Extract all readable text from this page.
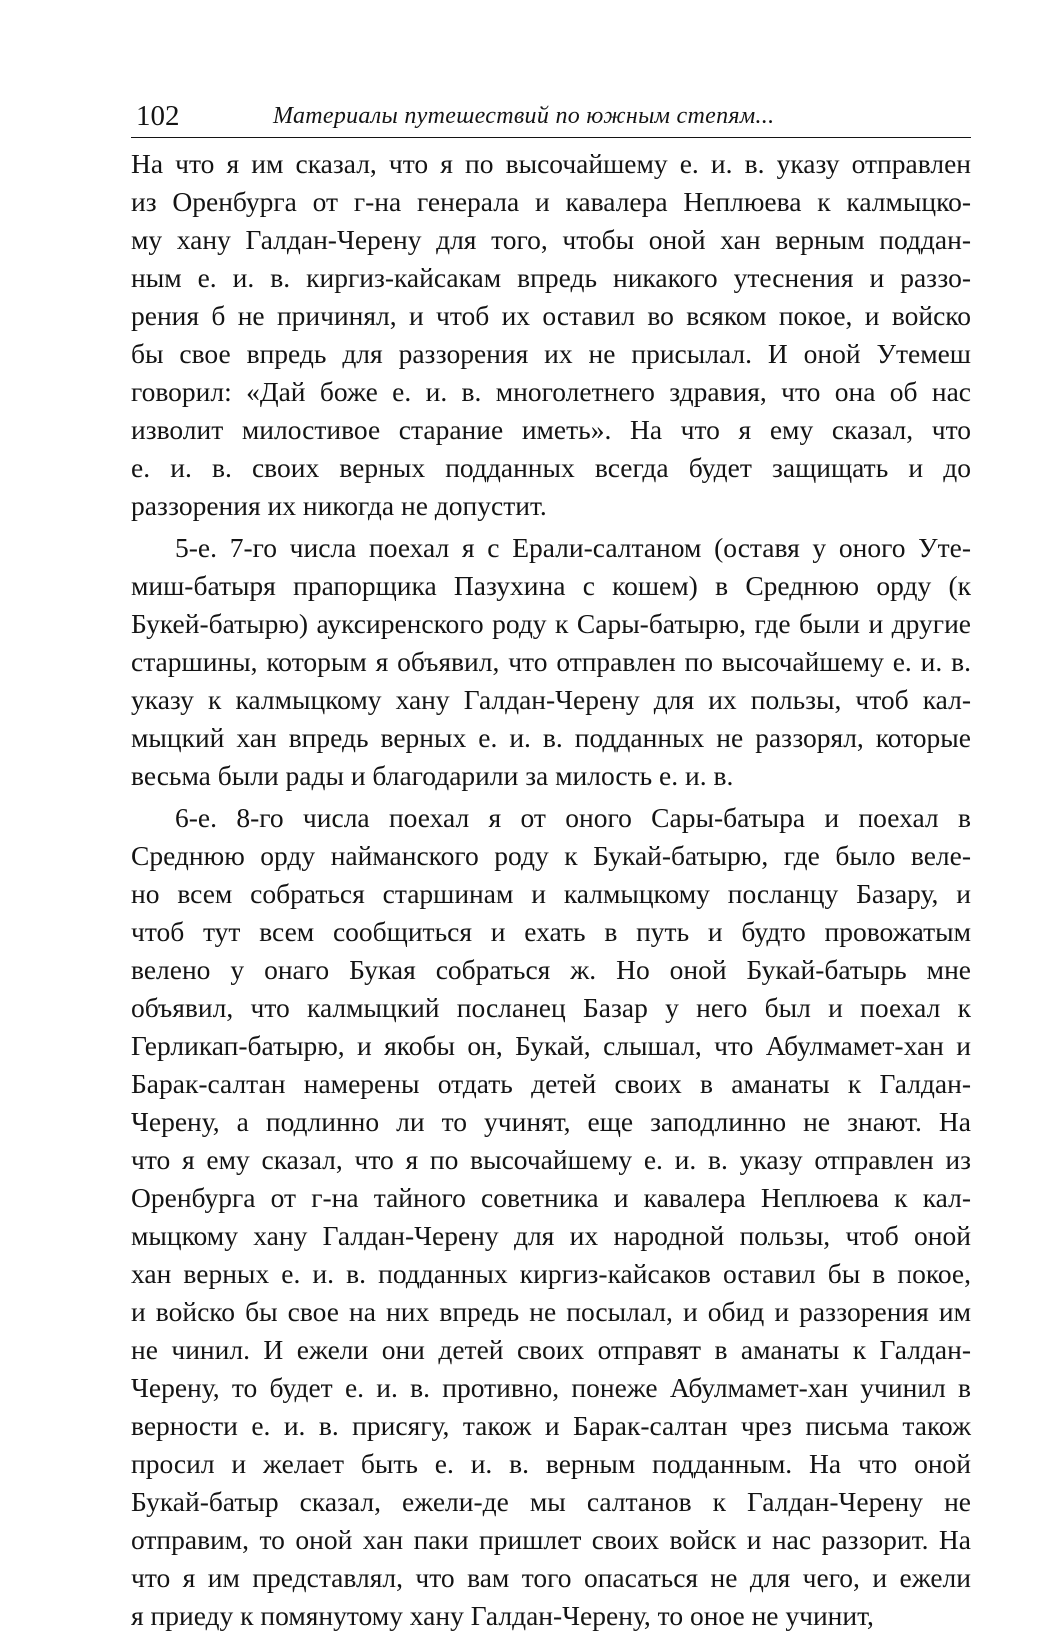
102	Материалы путешествий по южным степям...
На что я им сказал, что я по высочайшему е. и. в. указу отправлен
из Оренбурга от г-на генерала и кавалера Неплюева к калмыцко-
му хану Галдан-Черену для того, чтобы оной хан верным поддан-
ным е. и. в. киргиз-кайсакам впредь никакого утеснения и раззо-
рения б не причинял, и чтоб их оставил во всяком покое, и войско
бы свое впредь для раззорения их не присылал. И оной Утемеш
говорил: «Дай боже е. и. в. многолетнего здравия, что она об нас
изволит милостивое старание иметь». На что я ему сказал, что
е. и. в. своих верных подданных всегда будет защищать и до
раззорения их никогда не допустит.
5-е. 7-го числа поехал я с Ерали-салтаном (оставя у оного Уте-
миш-батыря прапорщика Пазухина с кошем) в Среднюю орду (к
Букей-батырю) ауксиренского роду к Сары-батырю, где были и другие
старшины, которым я объявил, что отправлен по высочайшему е. и. в.
указу к калмыцкому хану Галдан-Черену для их пользы, чтоб кал-
мыцкий хан впредь верных е. и. в. подданных не раззорял, которые
весьма были рады и благодарили за милость е. и. в.
6-е. 8-го числа поехал я от оного Сары-батыра и поехал в
Среднюю орду найманского роду к Букай-батырю, где было веле-
но всем собраться старшинам и калмыцкому посланцу Базару, и
чтоб тут всем сообщиться и ехать в путь и будто провожатым
велено у онаго Букая собраться ж. Но оной Букай-батырь мне
объявил, что калмыцкий посланец Базар у него был и поехал к
Герликап-батырю, и якобы он, Букай, слышал, что Абулмамет-хан и
Барак-салтан намерены отдать детей своих в аманаты к Галдан-
Черену, а подлинно ли то учинят, еще заподлинно не знают. На
что я ему сказал, что я по высочайшему е. и. в. указу отправлен из
Оренбурга от г-на тайного советника и кавалера Неплюева к кал-
мыцкому хану Галдан-Черену для их народной пользы, чтоб оной
хан верных е. и. в. подданных киргиз-кайсаков оставил бы в покое,
и войско бы свое на них впредь не посылал, и обид и раззорения им
не чинил. И ежели они детей своих отправят в аманаты к Галдан-
Черену, то будет е. и. в. противно, понеже Абулмамет-хан учинил в
верности е. и. в. присягу, також и Барак-салтан чрез письма також
просил и желает быть е. и. в. верным подданным. На что оной
Букай-батыр сказал, ежели-де мы салтанов к Галдан-Черену не
отправим, то оной хан паки пришлет своих войск и нас раззорит. На
что я им представлял, что вам того опасаться не для чего, и ежели
я приеду к помянутому хану Галдан-Черену, то оное не учинит,
